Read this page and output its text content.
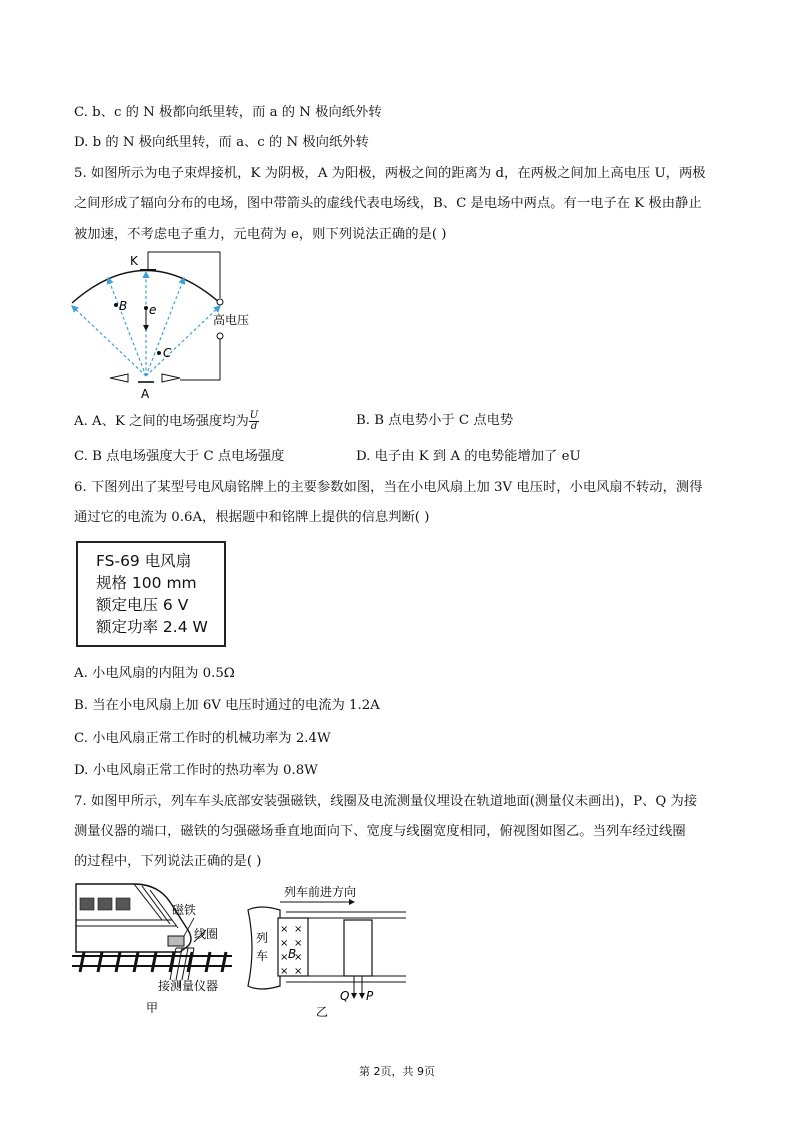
C. b、c 的 N 极都向纸里转，而 a 的 N 极向纸外转
D. b 的 N 极向纸里转，而 a、c 的 N 极向纸外转
5. 如图所示为电子束焊接机，K 为阴极，A 为阳极，两极之间的距离为 d，在两极之间加上高电压 U，两极
之间形成了辐向分布的电场，图中带箭头的虚线代表电场线，B、C 是电场中两点。有一电子在 K 极由静止
被加速，不考虑电子重力，元电荷为 e，则下列说法正确的是( )
K
A
B
C
e
高电压
A. A、K 之间的电场强度均为 $\frac{U}{d}$	B. B 点电势小于 C 点电势
C. B 点电场强度大于 C 点电场强度	D. 电子由 K 到 A 的电势能增加了 eU
6. 下图列出了某型号电风扇铭牌上的主要参数如图，当在小电风扇上加 3V 电压时，小电风扇不转动，测得
通过它的电流为 0.6A，根据题中和铭牌上提供的信息判断( )
FS-69 电风扇
规格 100 mm
额定电压 6 V
额定功率 2.4 W
A. 小电风扇的内阻为 0.5Ω
B. 当在小电风扇上加 6V 电压时通过的电流为 1.2A
C. 小电风扇正常工作时的机械功率为 2.4W
D. 小电风扇正常工作时的热功率为 0.8W
7. 如图甲所示，列车车头底部安装强磁铁，线圈及电流测量仪埋设在轨道地面(测量仪未画出)，P、Q 为接
测量仪器的端口，磁铁的匀强磁场垂直地面向下、宽度与线圈宽度相同，俯视图如图乙。当列车经过线圈
的过程中，下列说法正确的是( )
磁铁
线圈
接测量仪器
甲
列车前进方向
× ×
× ×
× ×
× ×
列
车 B
Q P
乙
第 2页，共 9页
